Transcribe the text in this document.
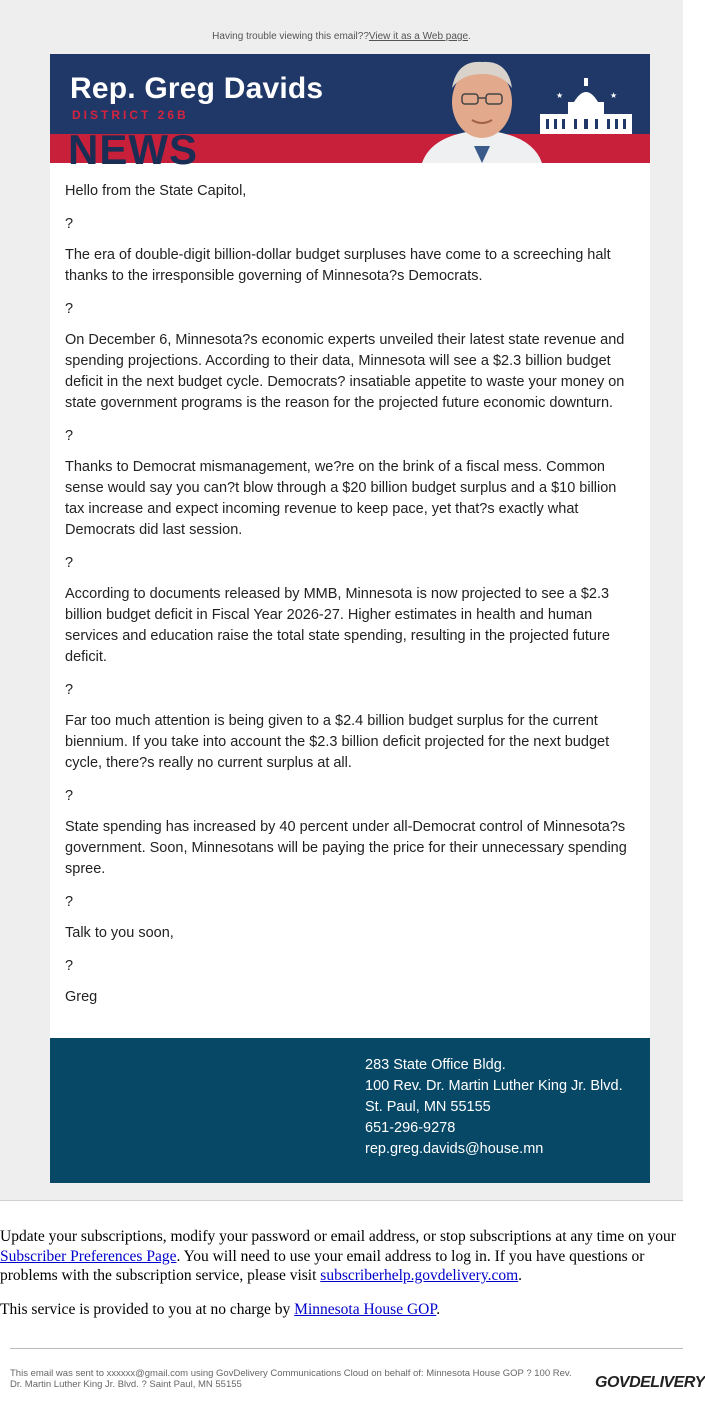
Having trouble viewing this email??View it as a Web page.
Rep. Greg Davids
DISTRICT 26B
NEWS
★	★

Hello from the State Capitol,

?

The era of double-digit billion-dollar budget surpluses have come to a screeching halt thanks to the irresponsible governing of Minnesota?s Democrats.

?

On December 6, Minnesota?s economic experts unveiled their latest state revenue and spending projections. According to their data, Minnesota will see a $2.3 billion budget deficit in the next budget cycle. Democrats? insatiable appetite to waste your money on state government programs is the reason for the projected future economic downturn.

?

Thanks to Democrat mismanagement, we?re on the brink of a fiscal mess. Common sense would say you can?t blow through a $20 billion budget surplus and a $10 billion tax increase and expect incoming revenue to keep pace, yet that?s exactly what Democrats did last session.

?

According to documents released by MMB, Minnesota is now projected to see a $2.3 billion budget deficit in Fiscal Year 2026-27. Higher estimates in health and human services and education raise the total state spending, resulting in the projected future deficit.

?

Far too much attention is being given to a $2.4 billion budget surplus for the current biennium. If you take into account the $2.3 billion deficit projected for the next budget cycle, there?s really no current surplus at all.

?

State spending has increased by 40 percent under all-Democrat control of Minnesota?s government. Soon, Minnesotans will be paying the price for their unnecessary spending spree.

?

Talk to you soon,

?

Greg

283 State Office Bldg.
100 Rev. Dr. Martin Luther King Jr. Blvd.
St. Paul, MN 55155
651-296-9278
rep.greg.davids@house.mn

Update your subscriptions, modify your password or email address, or stop subscriptions at any time on your Subscriber Preferences Page. You will need to use your email address to log in. If you have questions or problems with the subscription service, please visit subscriberhelp.govdelivery.com.

This service is provided to you at no charge by Minnesota House GOP.

This email was sent to xxxxxx@gmail.com using GovDelivery Communications Cloud on behalf of: Minnesota House GOP ? 100 Rev. Dr. Martin Luther King Jr. Blvd. ? Saint Paul, MN 55155	GOVDELIVERY
